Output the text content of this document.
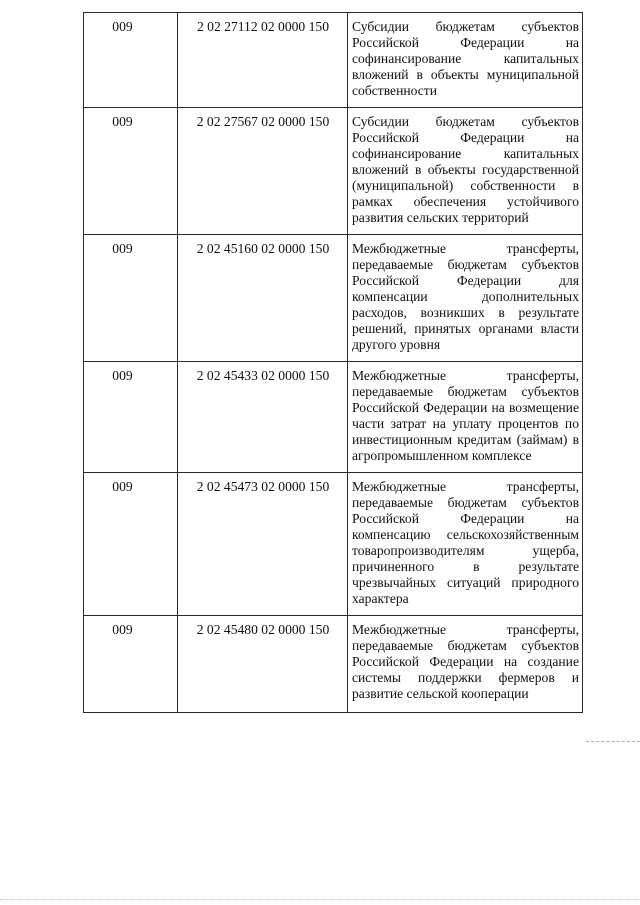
009	2 02 27112 02 0000 150	Субсидии бюджетам субъектов Российской Федерации на софинансирование капитальных вложений в объекты муниципальной собственности
009	2 02 27567 02 0000 150	Субсидии бюджетам субъектов Российской Федерации на софинансирование капитальных вложений в объекты государственной (муниципальной) собственности в рамках обеспечения устойчивого развития сельских территорий
009	2 02 45160 02 0000 150	Межбюджетные трансферты, передаваемые бюджетам субъектов Российской Федерации для компенсации дополнительных расходов, возникших в результате решений, принятых органами власти другого уровня
009	2 02 45433 02 0000 150	Межбюджетные трансферты, передаваемые бюджетам субъектов Российской Федерации на возмещение части затрат на уплату процентов по инвестиционным кредитам (займам) в агропромышленном комплексе
009	2 02 45473 02 0000 150	Межбюджетные трансферты, передаваемые бюджетам субъектов Российской Федерации на компенсацию сельскохозяйственным товаропроизводителям ущерба, причиненного в результате чрезвычайных ситуаций природного характера
009	2 02 45480 02 0000 150	Межбюджетные трансферты, передаваемые бюджетам субъектов Российской Федерации на создание системы поддержки фермеров и развитие сельской кооперации
